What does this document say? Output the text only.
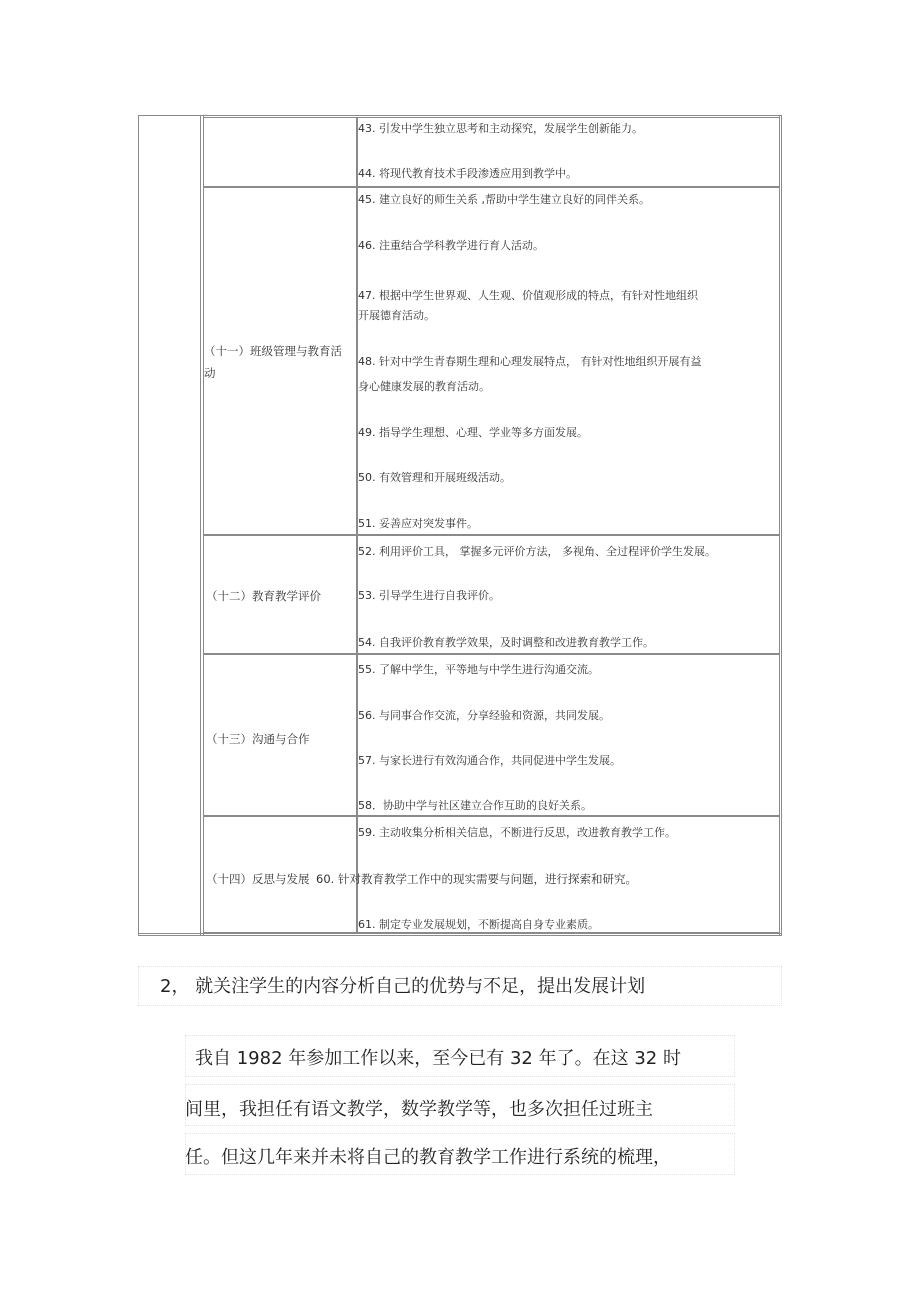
43. 引发中学生独立思考和主动探究，发展学生创新能力。
44. 将现代教育技术手段渗透应用到教学中。
（十一）班级管理与教育活动
45. 建立良好的师生关系 ,帮助中学生建立良好的同伴关系。
46. 注重结合学科教学进行育人活动。
47. 根据中学生世界观、人生观、价值观形成的特点，有针对性地组织
开展德育活动。
48. 针对中学生青春期生理和心理发展特点， 有针对性地组织开展有益
身心健康发展的教育活动。
49. 指导学生理想、心理、学业等多方面发展。
50. 有效管理和开展班级活动。
51. 妥善应对突发事件。
（十二）教育教学评价
52. 利用评价工具， 掌握多元评价方法， 多视角、全过程评价学生发展。
53. 引导学生进行自我评价。
54. 自我评价教育教学效果，及时调整和改进教育教学工作。
（十三）沟通与合作
55. 了解中学生，平等地与中学生进行沟通交流。
56. 与同事合作交流，分享经验和资源，共同发展。
57. 与家长进行有效沟通合作，共同促进中学生发展。
58．协助中学与社区建立合作互助的良好关系。
（十四）反思与发展
59. 主动收集分析相关信息，不断进行反思，改进教育教学工作。
60. 针对教育教学工作中的现实需要与问题，进行探索和研究。
61. 制定专业发展规划，不断提高自身专业素质。
2， 就关注学生的内容分析自己的优势与不足，提出发展计划
我自 1982 年参加工作以来，至今已有 32 年了。在这 32 时
间里，我担任有语文教学，数学教学等，也多次担任过班主
任。但这几年来并未将自己的教育教学工作进行系统的梳理，
